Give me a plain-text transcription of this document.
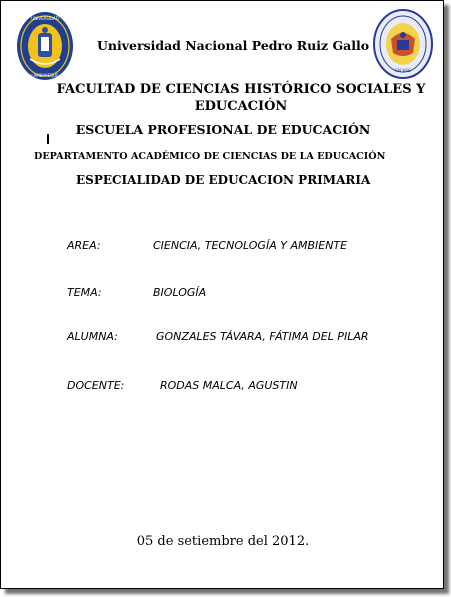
UNIVERSIDAD
LAMBAYEQUE
Universidad Nacional Pedro Ruiz Gallo
FACHSE
FACULTAD DE CIENCIAS HISTÓRICO SOCIALES Y EDUCACIÓN
ESCUELA PROFESIONAL DE EDUCACIÓN
DEPARTAMENTO ACADÉMICO DE CIENCIAS DE LA EDUCACIÓN
ESPECIALIDAD DE EDUCACION PRIMARIA
AREA:	CIENCIA, TECNOLOGÍA Y AMBIENTE
TEMA:	BIOLOGÍA
ALUMNA:	GONZALES TÁVARA, FÁTIMA DEL PILAR
DOCENTE:	RODAS MALCA, AGUSTIN
05 de setiembre del 2012.
